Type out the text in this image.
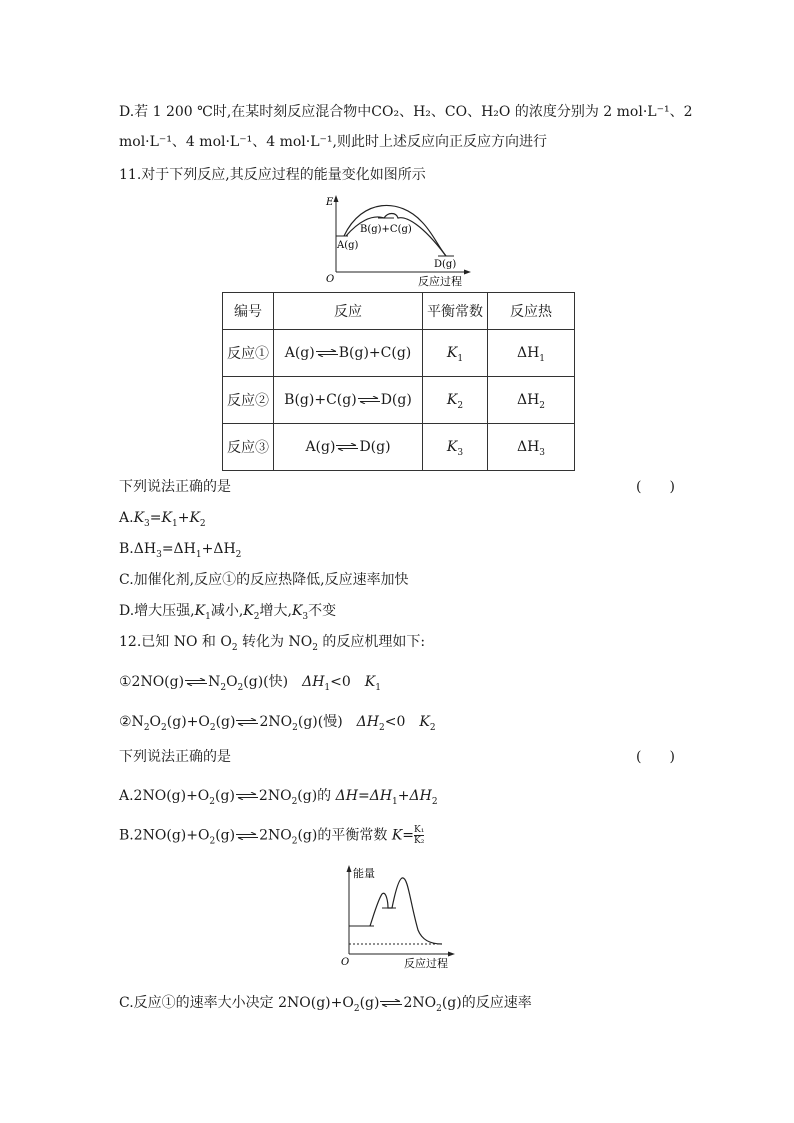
D.若 1 200 ℃时,在某时刻反应混合物中CO₂、H₂、CO、H₂O 的浓度分别为 2 mol·L⁻¹、2
mol·L⁻¹、4 mol·L⁻¹、4 mol·L⁻¹,则此时上述反应向正反应方向进行
11.对于下列反应,其反应过程的能量变化如图所示
E
O	反应过程
A(g)
B(g)+C(g)
D(g)
编号	反应	平衡常数	反应热
反应①	A(g) B(g)+C(g)	$K_1$	$\Delta H_1$
反应②	B(g)+C(g) D(g)	$K_2$	$\Delta H_2$
反应③	A(g) D(g)	$K_3$	$\Delta H_3$
下列说法正确的是	(　　)
$A.K_3=K_1+K_2$
$B.\Delta H_3=\Delta H_1+\Delta H_2$
C.加催化剂,反应①的反应热降低,反应速率加快
D.增大压强$,K_1$减小$,K_2$增大$,K_3$不变
12.已知 NO 和 $O_2$ 转化为 $NO_2$ 的反应机理如下:
①2NO(g) $N_2O_2(g)$(快)　$\Delta H_1<0$　$K_1$
$②N_2O_2(g)+O_2(g)$ $2NO_2(g)$(慢)　$\Delta H_2<0$　$K_2$
下列说法正确的是	(　　)
$A.2NO(g)+O_2(g)$ $2NO_2(g)$的 $\Delta H=\Delta H_1+\Delta H_2$
$B.2NO(g)+O_2(g)$ $2NO_2(g)$的平衡常数 $K= \frac{\text{K₁}}{\text{K₂}}$
能量
O	反应过程
C.反应①的速率大小决定 $2NO(g)+O_2(g)$ $2NO_2(g)$的反应速率
